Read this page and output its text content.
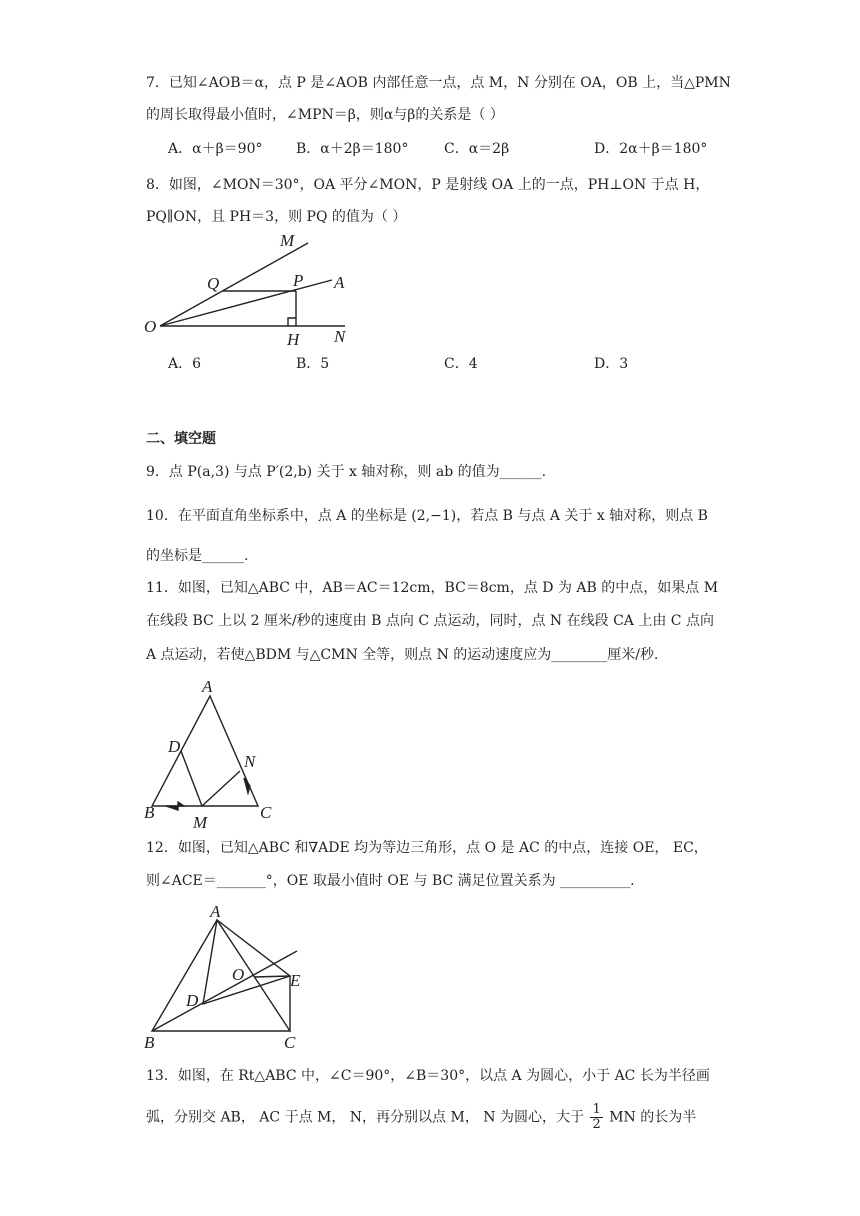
7．已知∠AOB＝α，点 P 是∠AOB 内部任意一点，点 M，N 分别在 OA，OB 上，当△PMN
的周长取得最小值时，∠MPN＝β，则α与β的关系是（ ）
A．α＋β＝90° B．α＋2β＝180°	C．α＝2β	D．2α＋β＝180°
8．如图，∠MON＝30°，OA 平分∠MON，P 是射线 OA 上的一点，PH⊥ON 于点 H，
PQ∥ON，且 PH＝3，则 PQ 的值为（ ）
M
Q	P A
O
H N
A．6	B．5	C．4	D．3
二、填空题
9．点 P(a,3) 与点 P′(2,b) 关于 x 轴对称，则 ab 的值为______.
10．在平面直角坐标系中，点 A 的坐标是 (2,−1)，若点 B 与点 A 关于 x 轴对称，则点 B
的坐标是______.
11．如图，已知△ABC 中，AB＝AC＝12cm，BC＝8cm，点 D 为 AB 的中点，如果点 M
在线段 BC 上以 2 厘米/秒的速度由 B 点向 C 点运动，同时，点 N 在线段 CA 上由 C 点向
A 点运动，若使△BDM 与△CMN 全等，则点 N 的运动速度应为________厘米/秒．
A
D
N
B	C
M
12．如图，已知△ABC 和∇ADE 均为等边三角形，点 O 是 AC 的中点，连接 OE， EC，
则∠ACE＝_______°，OE 取最小值时 OE 与 BC 满足位置关系为 __________.
A
O	E
D
B	C
13．如图，在 Rt△ABC 中，∠C＝90°，∠B＝30°，以点 A 为圆心，小于 AC 长为半径画
弧，分别交 AB， AC 于点 M， N，再分别以点 M， N 为圆心，大于 $\frac{1}{2}$ MN 的长为半
